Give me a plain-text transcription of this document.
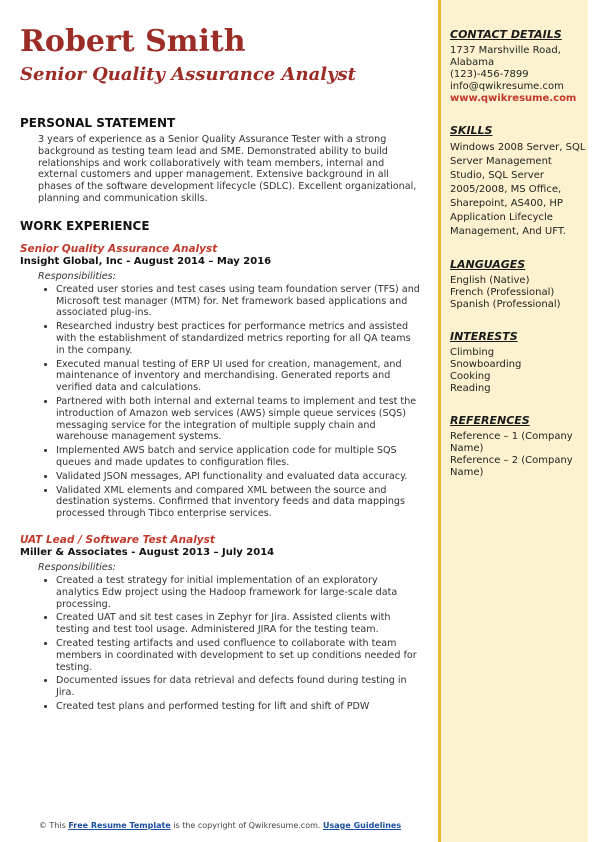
Robert Smith
Senior Quality Assurance Analyst
PERSONAL STATEMENT

3 years of experience as a Senior Quality Assurance Tester with a strong background as testing team lead and SME. Demonstrated ability to build relationships and work collaboratively with team members, internal and external customers and upper management. Extensive background in all phases of the software development lifecycle (SDLC). Excellent organizational, planning and communication skills.

WORK EXPERIENCE

Senior Quality Assurance Analyst

Insight Global, Inc - August 2014 – May 2016

Responsibilities:

• Created user stories and test cases using team foundation server (TFS) and Microsoft test manager (MTM) for. Net framework based applications and associated plug-ins.
• Researched industry best practices for performance metrics and assisted with the establishment of standardized metrics reporting for all QA teams in the company.
• Executed manual testing of ERP UI used for creation, management, and maintenance of inventory and merchandising. Generated reports and verified data and calculations.
• Partnered with both internal and external teams to implement and test the introduction of Amazon web services (AWS) simple queue services (SQS) messaging service for the integration of multiple supply chain and warehouse management systems.
• Implemented AWS batch and service application code for multiple SQS queues and made updates to configuration files.
• Validated JSON messages, API functionality and evaluated data accuracy.
• Validated XML elements and compared XML between the source and destination systems. Confirmed that inventory feeds and data mappings processed through Tibco enterprise services.

UAT Lead / Software Test Analyst

Miller & Associates - August 2013 – July 2014

Responsibilities:

• Created a test strategy for initial implementation of an exploratory analytics Edw project using the Hadoop framework for large-scale data processing.
• Created UAT and sit test cases in Zephyr for Jira. Assisted clients with testing and test tool usage. Administered JIRA for the testing team.
• Created testing artifacts and used confluence to collaborate with team members in coordinated with development to set up conditions needed for testing.
• Documented issues for data retrieval and defects found during testing in Jira.
• Created test plans and performed testing for lift and shift of PDW

CONTACT DETAILS

1737 Marshville Road,
Alabama
(123)-456-7899
info@qwikresume.com
www.qwikresume.com

SKILLS

Windows 2008 Server, SQL Server Management Studio, SQL Server 2005/2008, MS Office, Sharepoint, AS400, HP Application Lifecycle Management, And UFT.

LANGUAGES

English (Native)
French (Professional)
Spanish (Professional)

INTERESTS

Climbing
Snowboarding
Cooking
Reading

REFERENCES

Reference – 1 (Company Name)
Reference – 2 (Company Name)
© This Free Resume Template is the copyright of Qwikresume.com. Usage Guidelines
